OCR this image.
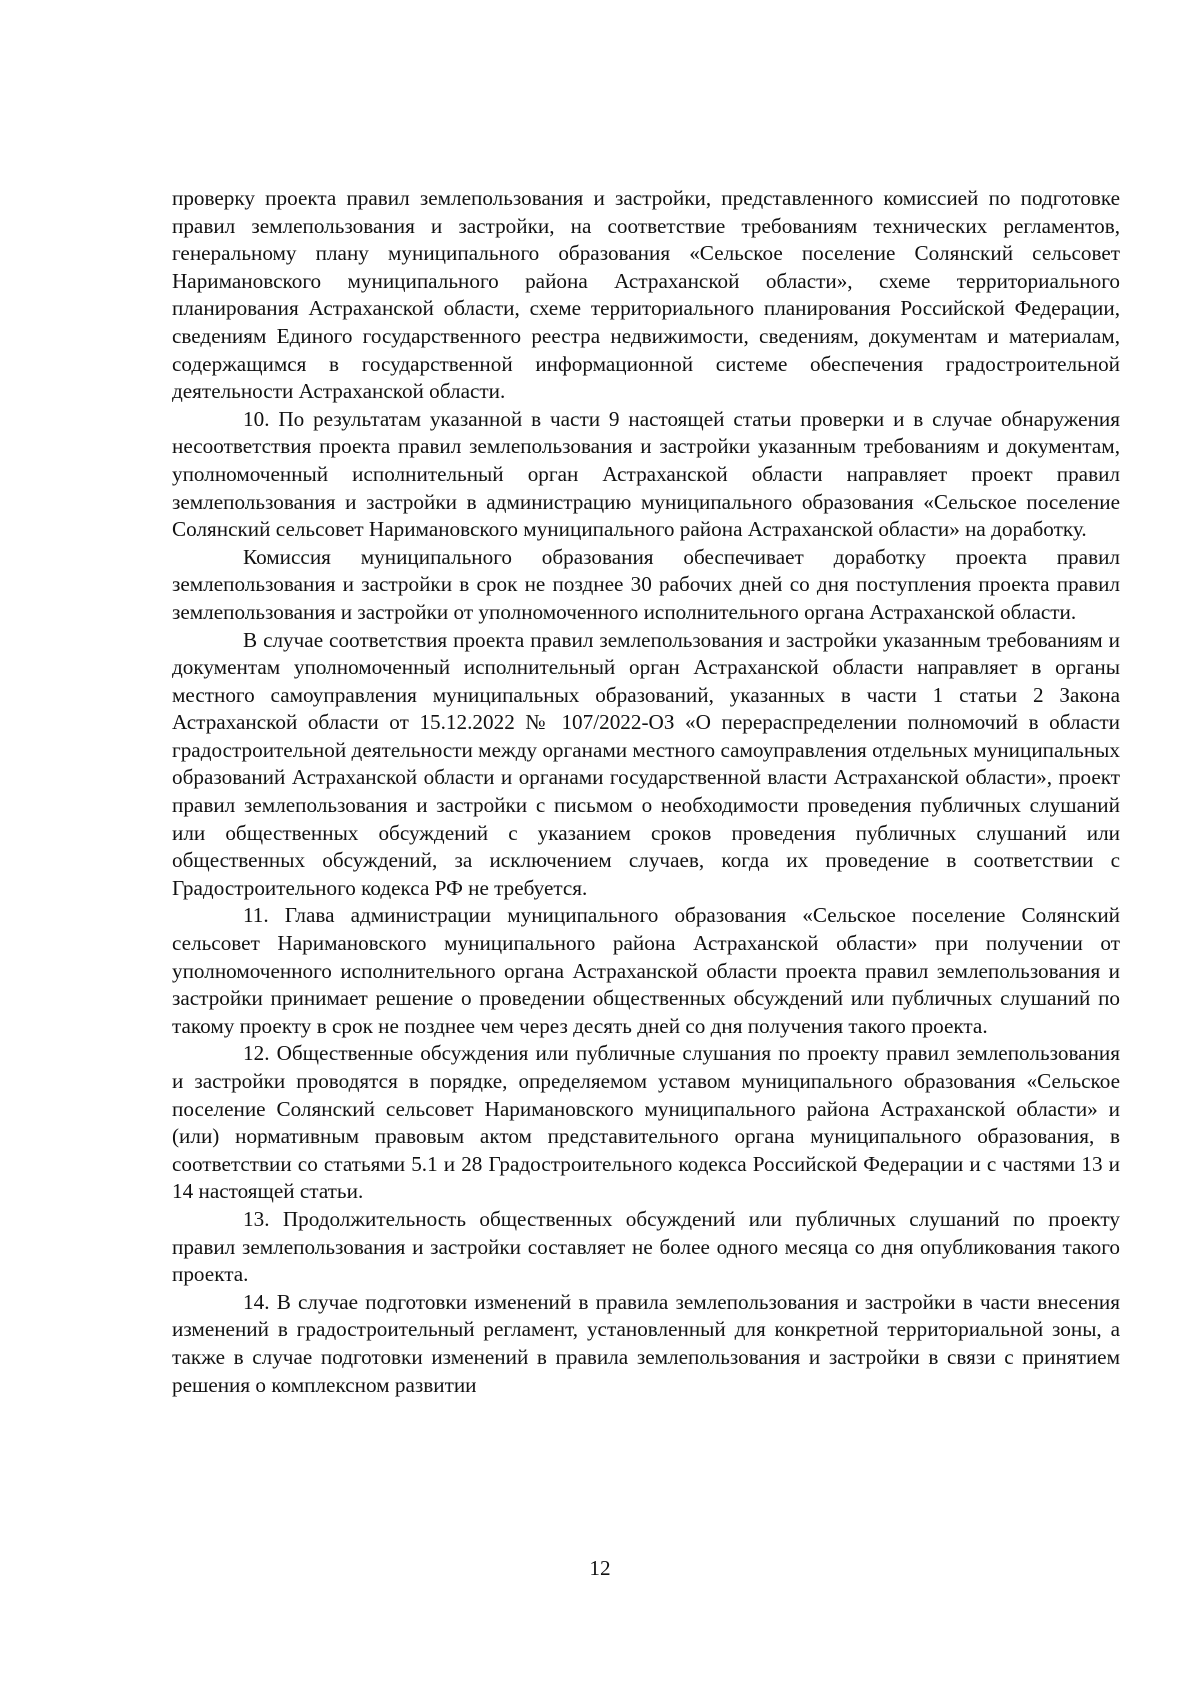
проверку проекта правил землепользования и застройки, представленного комиссией по подготовке правил землепользования и застройки, на соответствие требованиям технических регламентов, генеральному плану муниципального образования «Сельское поселение Солянский сельсовет Наримановского муниципального района Астраханской области», схеме территориального планирования Астраханской области, схеме территориального планирования Российской Федерации, сведениям Единого государственного реестра недвижимости, сведениям, документам и материалам, содержащимся в государственной информационной системе обеспечения градостроительной деятельности Астраханской области.

10. По результатам указанной в части 9 настоящей статьи проверки и в случае обнаружения несоответствия проекта правил землепользования и застройки указанным требованиям и документам, уполномоченный исполнительный орган Астраханской области направляет проект правил землепользования и застройки в администрацию муниципального образования «Сельское поселение Солянский сельсовет Наримановского муниципального района Астраханской области» на доработку.

Комиссия муниципального образования обеспечивает доработку проекта правил землепользования и застройки в срок не позднее 30 рабочих дней со дня поступления проекта правил землепользования и застройки от уполномоченного исполнительного органа Астраханской области.

В случае соответствия проекта правил землепользования и застройки указанным требованиям и документам уполномоченный исполнительный орган Астраханской области направляет в органы местного самоуправления муниципальных образований, указанных в части 1 статьи 2 Закона Астраханской области от 15.12.2022 № 107/2022-ОЗ «О перераспределении полномочий в области градостроительной деятельности между органами местного самоуправления отдельных муниципальных образований Астраханской области и органами государственной власти Астраханской области», проект правил землепользования и застройки с письмом о необходимости проведения публичных слушаний или общественных обсуждений с указанием сроков проведения публичных слушаний или общественных обсуждений, за исключением случаев, когда их проведение в соответствии с Градостроительного кодекса РФ не требуется.

11. Глава администрации муниципального образования «Сельское поселение Солянский сельсовет Наримановского муниципального района Астраханской области» при получении от уполномоченного исполнительного органа Астраханской области проекта правил землепользования и застройки принимает решение о проведении общественных обсуждений или публичных слушаний по такому проекту в срок не позднее чем через десять дней со дня получения такого проекта.

12. Общественные обсуждения или публичные слушания по проекту правил землепользования и застройки проводятся в порядке, определяемом уставом муниципального образования «Сельское поселение Солянский сельсовет Наримановского муниципального района Астраханской области» и (или) нормативным правовым актом представительного органа муниципального образования, в соответствии со статьями 5.1 и 28 Градостроительного кодекса Российской Федерации и с частями 13 и 14 настоящей статьи.

13. Продолжительность общественных обсуждений или публичных слушаний по проекту правил землепользования и застройки составляет не более одного месяца со дня опубликования такого проекта.

14. В случае подготовки изменений в правила землепользования и застройки в части внесения изменений в градостроительный регламент, установленный для конкретной территориальной зоны, а также в случае подготовки изменений в правила землепользования и застройки в связи с принятием решения о комплексном развитии

12
